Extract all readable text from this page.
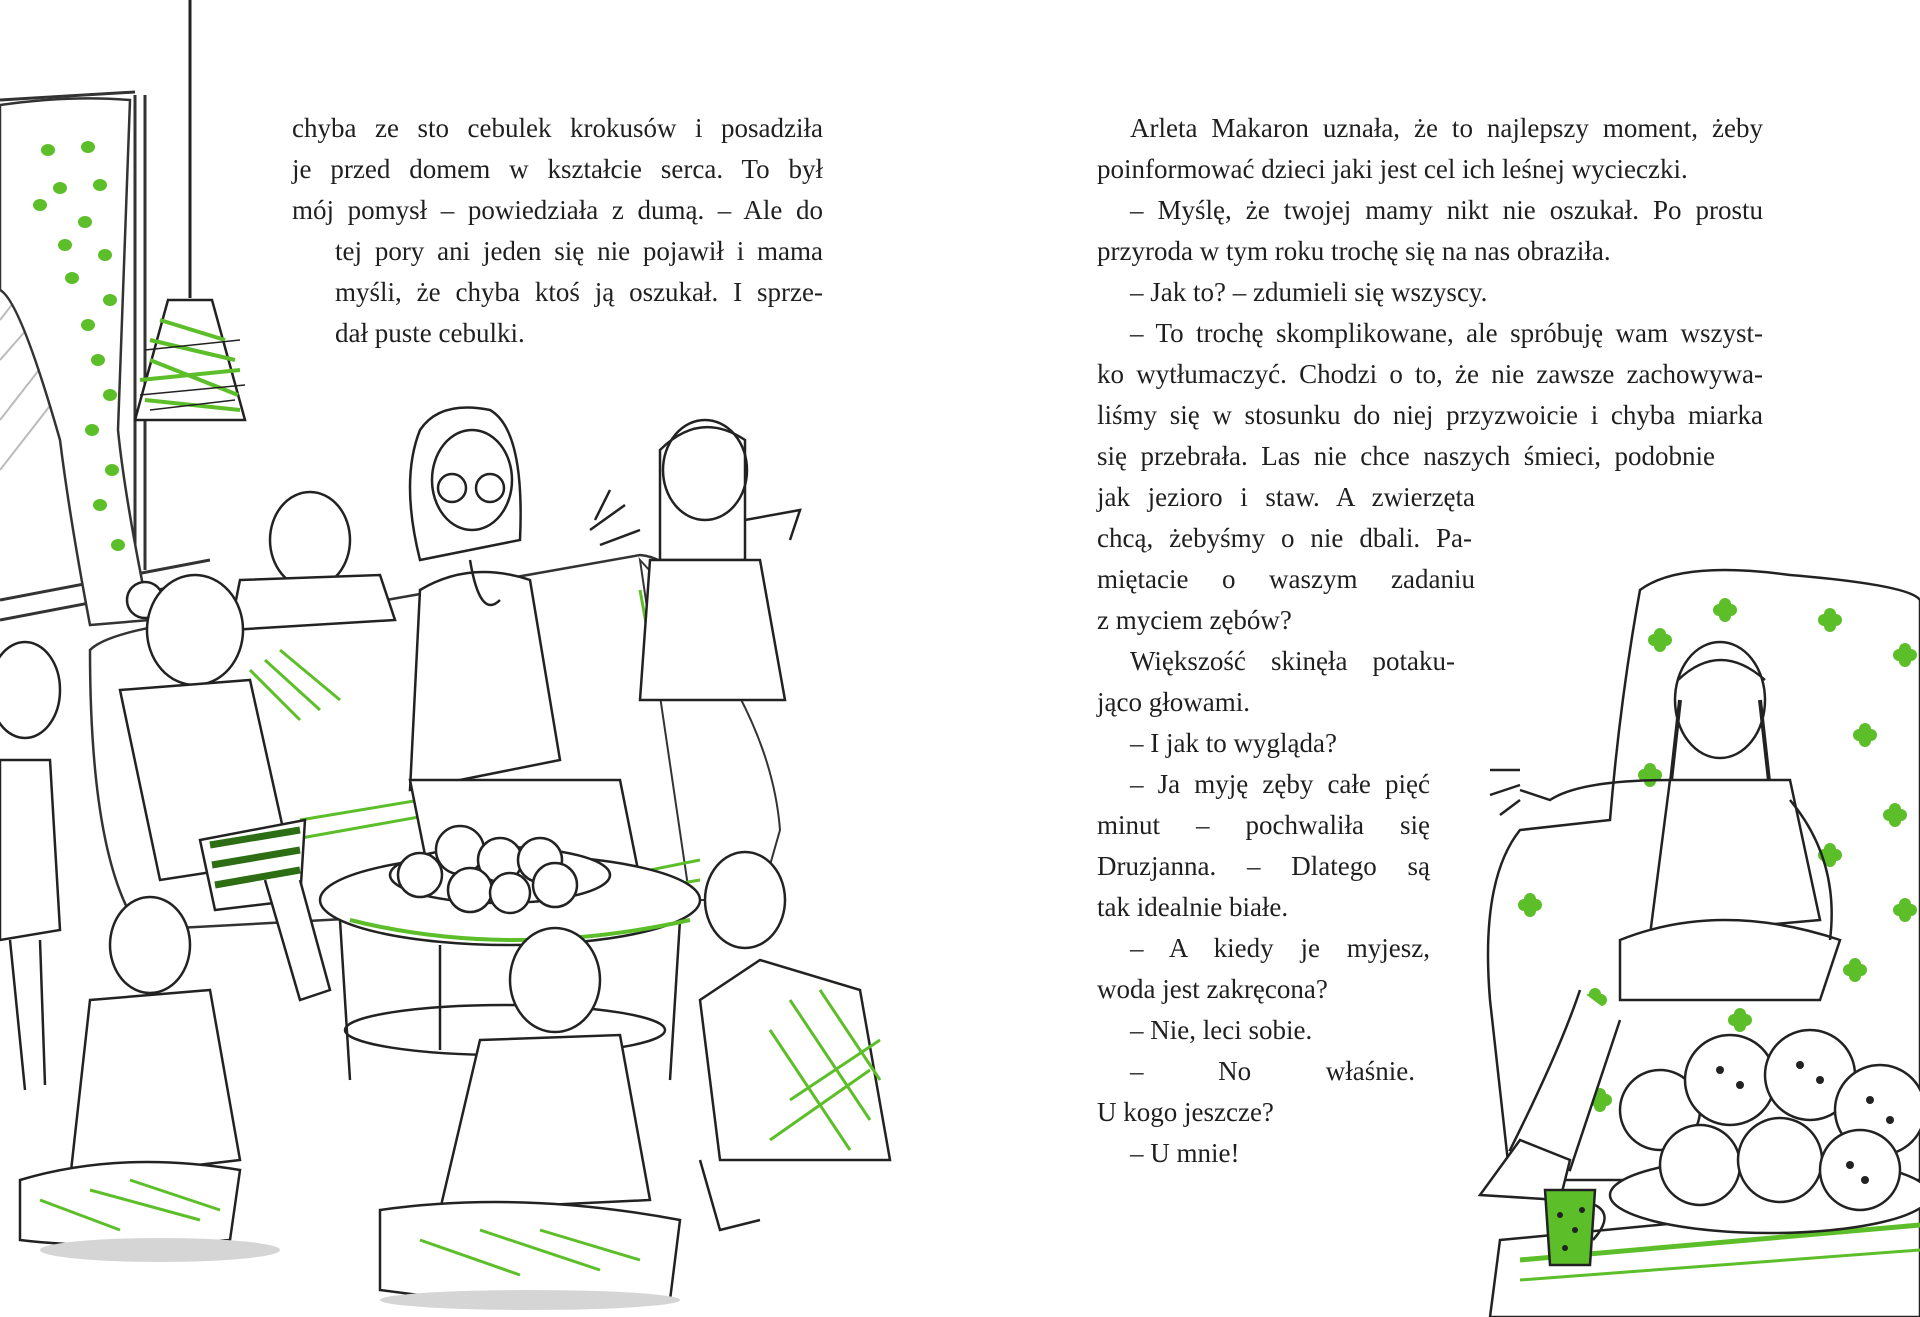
chyba ze sto cebulek krokusów i posadziła
je przed domem w kształcie serca. To był
mój pomysł – powiedziała z dumą. – Ale do
tej pory ani jeden się nie pojawił i mama
myśli, że chyba ktoś ją oszukał. I sprze-
dał puste cebulki.
Arleta Makaron uznała, że to najlepszy moment, żeby
poinformować dzieci jaki jest cel ich leśnej wycieczki.
– Myślę, że twojej mamy nikt nie oszukał. Po prostu
przyroda w tym roku trochę się na nas obraziła.
– Jak to? – zdumieli się wszyscy.
– To trochę skomplikowane, ale spróbuję wam wszyst-
ko wytłumaczyć. Chodzi o to, że nie zawsze zachowywa-
liśmy się w stosunku do niej przyzwoicie i chyba miarka
się przebrała. Las nie chce naszych śmieci, podobnie
jak jezioro i staw. A zwierzęta
chcą, żebyśmy o nie dbali. Pa-
miętacie o waszym zadaniu
z myciem zębów?
Większość skinęła potaku-
jąco głowami.
– I jak to wygląda?
– Ja myję zęby całe pięć
minut – pochwaliła się
Druzjanna. – Dlatego są
tak idealnie białe.
– A kiedy je myjesz,
woda jest zakręcona?
– Nie, leci sobie.
– No właśnie.
U kogo jeszcze?
– U mnie!
